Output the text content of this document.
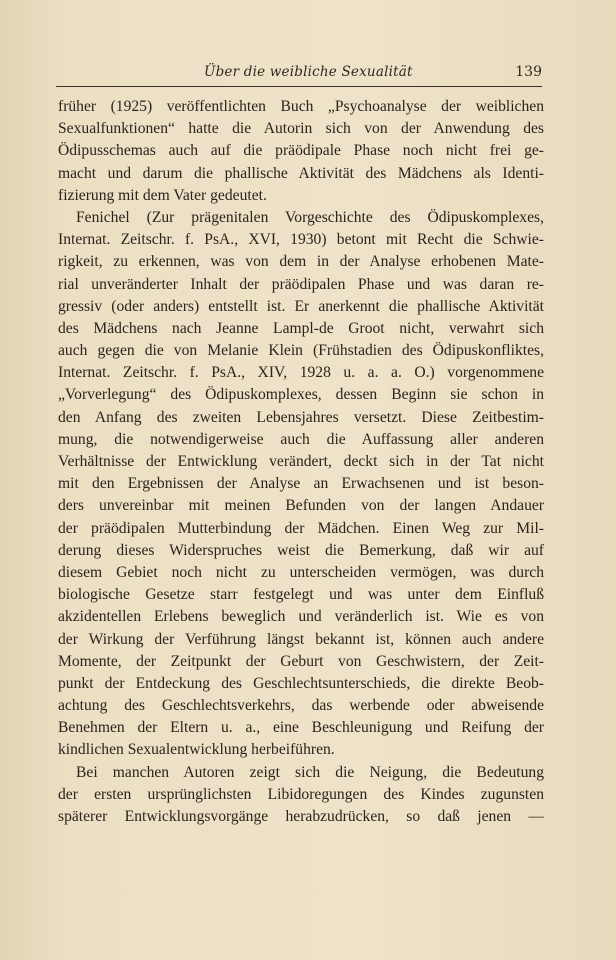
Über die weibliche Sexualität	139
früher (1925) veröffentlichten Buch „Psychoanalyse der weiblichen
Sexualfunktionen“ hatte die Autorin sich von der Anwendung des
Ödipusschemas auch auf die präödipale Phase noch nicht frei ge-
macht und darum die phallische Aktivität des Mädchens als Identi-
fizierung mit dem Vater gedeutet.
Fenichel (Zur prägenitalen Vorgeschichte des Ödipuskomplexes,
Internat. Zeitschr. f. PsA., XVI, 1930) betont mit Recht die Schwie-
rigkeit, zu erkennen, was von dem in der Analyse erhobenen Mate-
rial unveränderter Inhalt der präödipalen Phase und was daran re-
gressiv (oder anders) entstellt ist. Er anerkennt die phallische Aktivität
des Mädchens nach Jeanne Lampl-de Groot nicht, verwahrt sich
auch gegen die von Melanie Klein (Frühstadien des Ödipuskonfliktes,
Internat. Zeitschr. f. PsA., XIV, 1928 u. a. a. O.) vorgenommene
„Vorverlegung“ des Ödipuskomplexes, dessen Beginn sie schon in
den Anfang des zweiten Lebensjahres versetzt. Diese Zeitbestim-
mung, die notwendigerweise auch die Auffassung aller anderen
Verhältnisse der Entwicklung verändert, deckt sich in der Tat nicht
mit den Ergebnissen der Analyse an Erwachsenen und ist beson-
ders unvereinbar mit meinen Befunden von der langen Andauer
der präödipalen Mutterbindung der Mädchen. Einen Weg zur Mil-
derung dieses Widerspruches weist die Bemerkung, daß wir auf
diesem Gebiet noch nicht zu unterscheiden vermögen, was durch
biologische Gesetze starr festgelegt und was unter dem Einfluß
akzidentellen Erlebens beweglich und veränderlich ist. Wie es von
der Wirkung der Verführung längst bekannt ist, können auch andere
Momente, der Zeitpunkt der Geburt von Geschwistern, der Zeit-
punkt der Entdeckung des Geschlechtsunterschieds, die direkte Beob-
achtung des Geschlechtsverkehrs, das werbende oder abweisende
Benehmen der Eltern u. a., eine Beschleunigung und Reifung der
kindlichen Sexualentwicklung herbeiführen.
Bei manchen Autoren zeigt sich die Neigung, die Bedeutung
der ersten ursprünglichsten Libidoregungen des Kindes zugunsten
späterer Entwicklungsvorgänge herabzudrücken, so daß jenen —
